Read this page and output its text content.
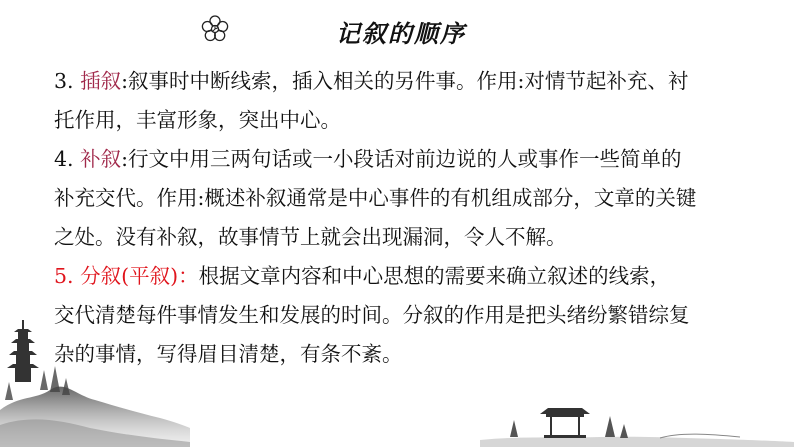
记叙的顺序

3. 插叙:叙事时中断线索，插入相关的另件事。作用:对情节起补充、衬
托作用，丰富形象，突出中心。

4. 补叙:行文中用三两句话或一小段话对前边说的人或事作一些简单的
补充交代。作用:概述补叙通常是中心事件的有机组成部分，文章的关键
之处。没有补叙，故事情节上就会出现漏洞，令人不解。

5. 分叙(平叙)：根据文章内容和中心思想的需要来确立叙述的线索，
交代清楚每件事情发生和发展的时间。分叙的作用是把头绪纷繁错综复
杂的事情，写得眉目清楚，有条不紊。
